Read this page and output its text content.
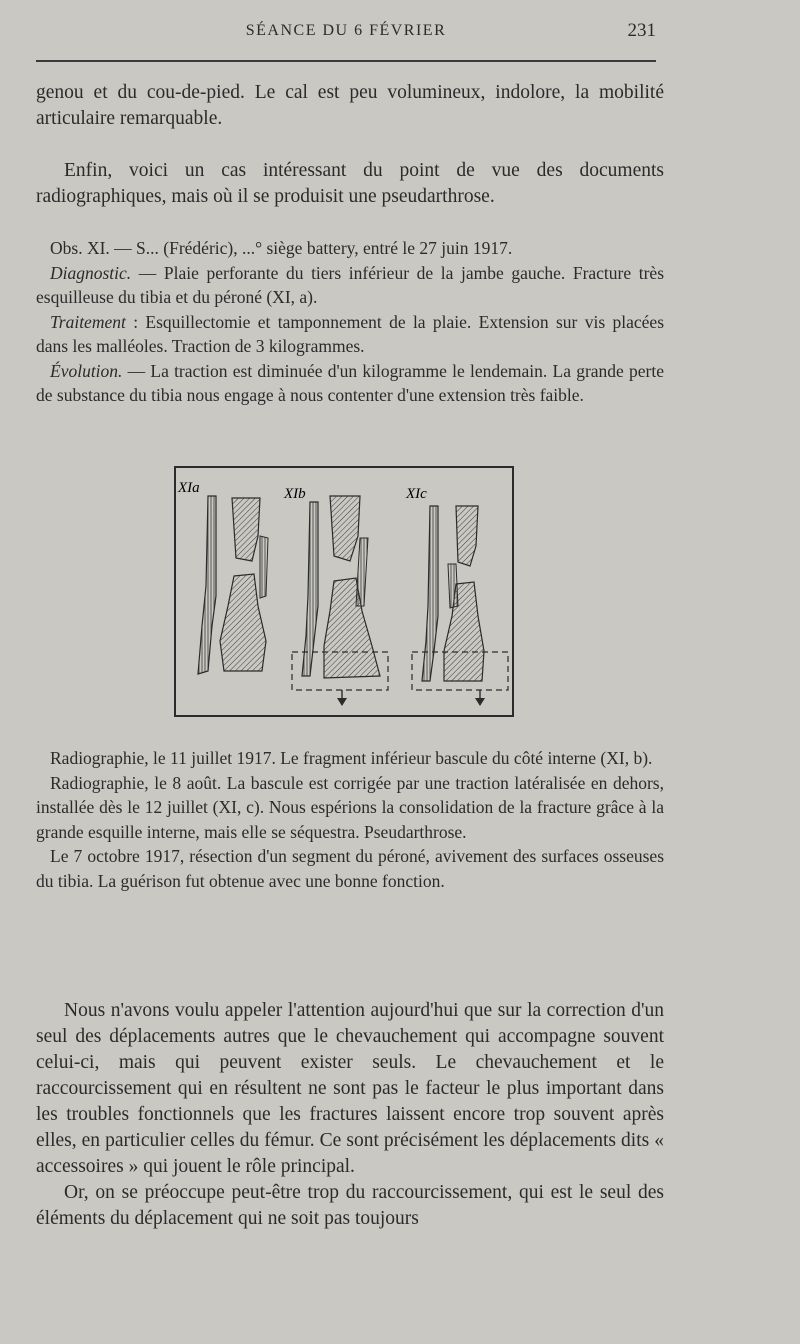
SÉANCE DU 6 FÉVRIER	231

genou et du cou-de-pied. Le cal est peu volumineux, indolore, la mobilité articulaire remarquable.

Enfin, voici un cas intéressant du point de vue des documents radiographiques, mais où il se produisit une pseudarthrose.

Obs. XI. — S... (Frédéric), ...° siège battery, entré le 27 juin 1917.

Diagnostic. — Plaie perforante du tiers inférieur de la jambe gauche. Fracture très esquilleuse du tibia et du péroné (XI, a).

Traitement : Esquillectomie et tamponnement de la plaie. Extension sur vis placées dans les malléoles. Traction de 3 kilogrammes.

Évolution. — La traction est diminuée d'un kilogramme le lendemain. La grande perte de substance du tibia nous engage à nous contenter d'une extension très faible.

XIa	XIb	XIc

Radiographie, le 11 juillet 1917. Le fragment inférieur bascule du côté interne (XI, b).

Radiographie, le 8 août. La bascule est corrigée par une traction latéralisée en dehors, installée dès le 12 juillet (XI, c). Nous espérions la consolidation de la fracture grâce à la grande esquille interne, mais elle se séquestra. Pseudarthrose.

Le 7 octobre 1917, résection d'un segment du péroné, avivement des surfaces osseuses du tibia. La guérison fut obtenue avec une bonne fonction.

Nous n'avons voulu appeler l'attention aujourd'hui que sur la correction d'un seul des déplacements autres que le chevauchement qui accompagne souvent celui-ci, mais qui peuvent exister seuls. Le chevauchement et le raccourcissement qui en résultent ne sont pas le facteur le plus important dans les troubles fonctionnels que les fractures laissent encore trop souvent après elles, en particulier celles du fémur. Ce sont précisément les déplacements dits « accessoires » qui jouent le rôle principal.

Or, on se préoccupe peut-être trop du raccourcissement, qui est le seul des éléments du déplacement qui ne soit pas toujours
